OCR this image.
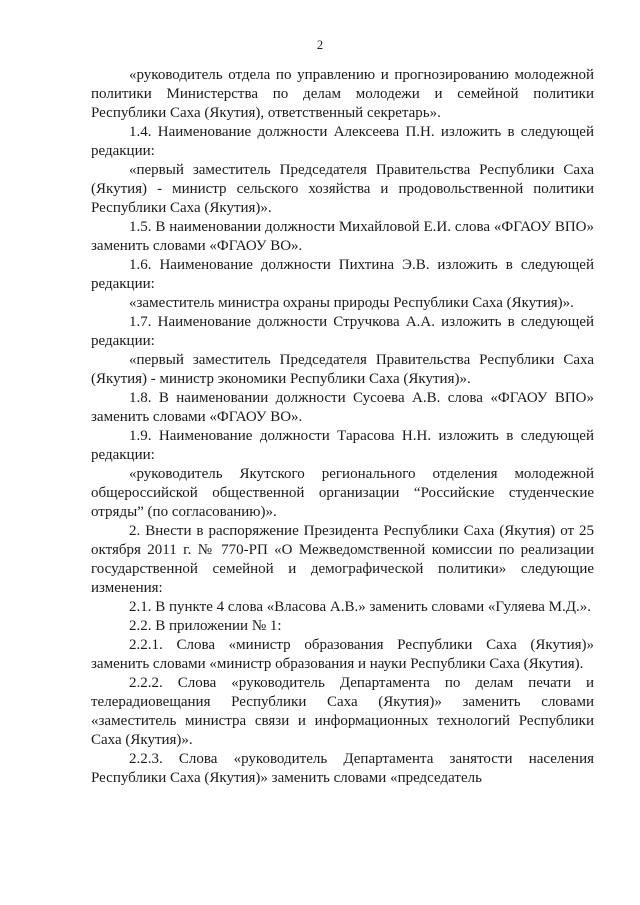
2

«руководитель отдела по управлению и прогнозированию молодежной политики Министерства по делам молодежи и семейной политики Республики Саха (Якутия), ответственный секретарь».

1.4. Наименование должности Алексеева П.Н. изложить в следующей редакции:

«первый заместитель Председателя Правительства Республики Саха (Якутия) - министр сельского хозяйства и продовольственной политики Республики Саха (Якутия)».

1.5. В наименовании должности Михайловой Е.И. слова «ФГАОУ ВПО» заменить словами «ФГАОУ ВО».

1.6. Наименование должности Пихтина Э.В. изложить в следующей редакции:

«заместитель министра охраны природы Республики Саха (Якутия)».

1.7. Наименование должности Стручкова А.А. изложить в следующей редакции:

«первый заместитель Председателя Правительства Республики Саха (Якутия) - министр экономики Республики Саха (Якутия)».

1.8. В наименовании должности Сусоева А.В. слова «ФГАОУ ВПО» заменить словами «ФГАОУ ВО».

1.9. Наименование должности Тарасова Н.Н. изложить в следующей редакции:

«руководитель Якутского регионального отделения молодежной общероссийской общественной организации “Российские студенческие отряды” (по согласованию)».

2. Внести в распоряжение Президента Республики Саха (Якутия) от 25 октября 2011 г. № 770-РП «О Межведомственной комиссии по реализации государственной семейной и демографической политики» следующие изменения:

2.1. В пункте 4 слова «Власова А.В.» заменить словами «Гуляева М.Д.».

2.2. В приложении № 1:

2.2.1. Слова «министр образования Республики Саха (Якутия)» заменить словами «министр образования и науки Республики Саха (Якутия).

2.2.2. Слова «руководитель Департамента по делам печати и телерадиовещания Республики Саха (Якутия)» заменить словами «заместитель министра связи и информационных технологий Республики Саха (Якутия)».

2.2.3. Слова «руководитель Департамента занятости населения Республики Саха (Якутия)» заменить словами «председатель
